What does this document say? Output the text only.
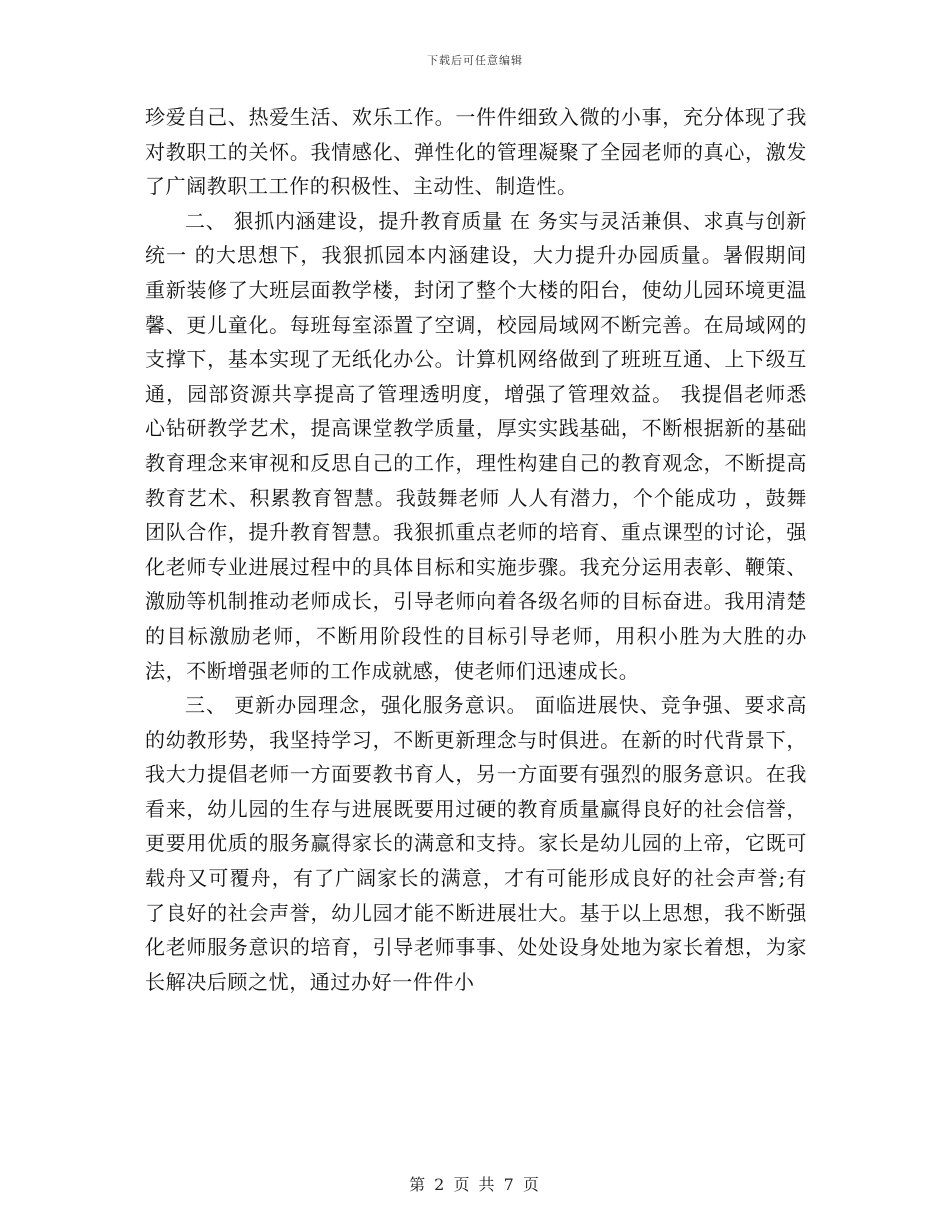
下载后可任意编辑

珍爱自己、热爱生活、欢乐工作。一件件细致入微的小事，充分体现了我对教职工的关怀。我情感化、弹性化的管理凝聚了全园老师的真心，激发了广阔教职工工作的积极性、主动性、制造性。

二、 狠抓内涵建设，提升教育质量 在 务实与灵活兼俱、求真与创新统一 的大思想下，我狠抓园本内涵建设，大力提升办园质量。暑假期间重新装修了大班层面教学楼，封闭了整个大楼的阳台，使幼儿园环境更温馨、更儿童化。每班每室添置了空调，校园局域网不断完善。在局域网的支撑下，基本实现了无纸化办公。计算机网络做到了班班互通、上下级互通，园部资源共享提高了管理透明度，增强了管理效益。 我提倡老师悉心钻研教学艺术，提高课堂教学质量，厚实实践基础，不断根据新的基础教育理念来审视和反思自己的工作，理性构建自己的教育观念，不断提高教育艺术、积累教育智慧。我鼓舞老师 人人有潜力，个个能成功 ，鼓舞团队合作，提升教育智慧。我狠抓重点老师的培育、重点课型的讨论，强化老师专业进展过程中的具体目标和实施步骤。我充分运用表彰、鞭策、激励等机制推动老师成长，引导老师向着各级名师的目标奋进。我用清楚的目标激励老师，不断用阶段性的目标引导老师，用积小胜为大胜的办法，不断增强老师的工作成就感，使老师们迅速成长。

三、 更新办园理念，强化服务意识。 面临进展快、竞争强、要求高的幼教形势，我坚持学习，不断更新理念与时俱进。在新的时代背景下，我大力提倡老师一方面要教书育人，另一方面要有强烈的服务意识。在我看来，幼儿园的生存与进展既要用过硬的教育质量赢得良好的社会信誉，更要用优质的服务赢得家长的满意和支持。家长是幼儿园的上帝，它既可载舟又可覆舟，有了广阔家长的满意，才有可能形成良好的社会声誉;有了良好的社会声誉，幼儿园才能不断进展壮大。基于以上思想，我不断强化老师服务意识的培育，引导老师事事、处处设身处地为家长着想，为家长解决后顾之忧，通过办好一件件小

第 2 页 共 7 页
